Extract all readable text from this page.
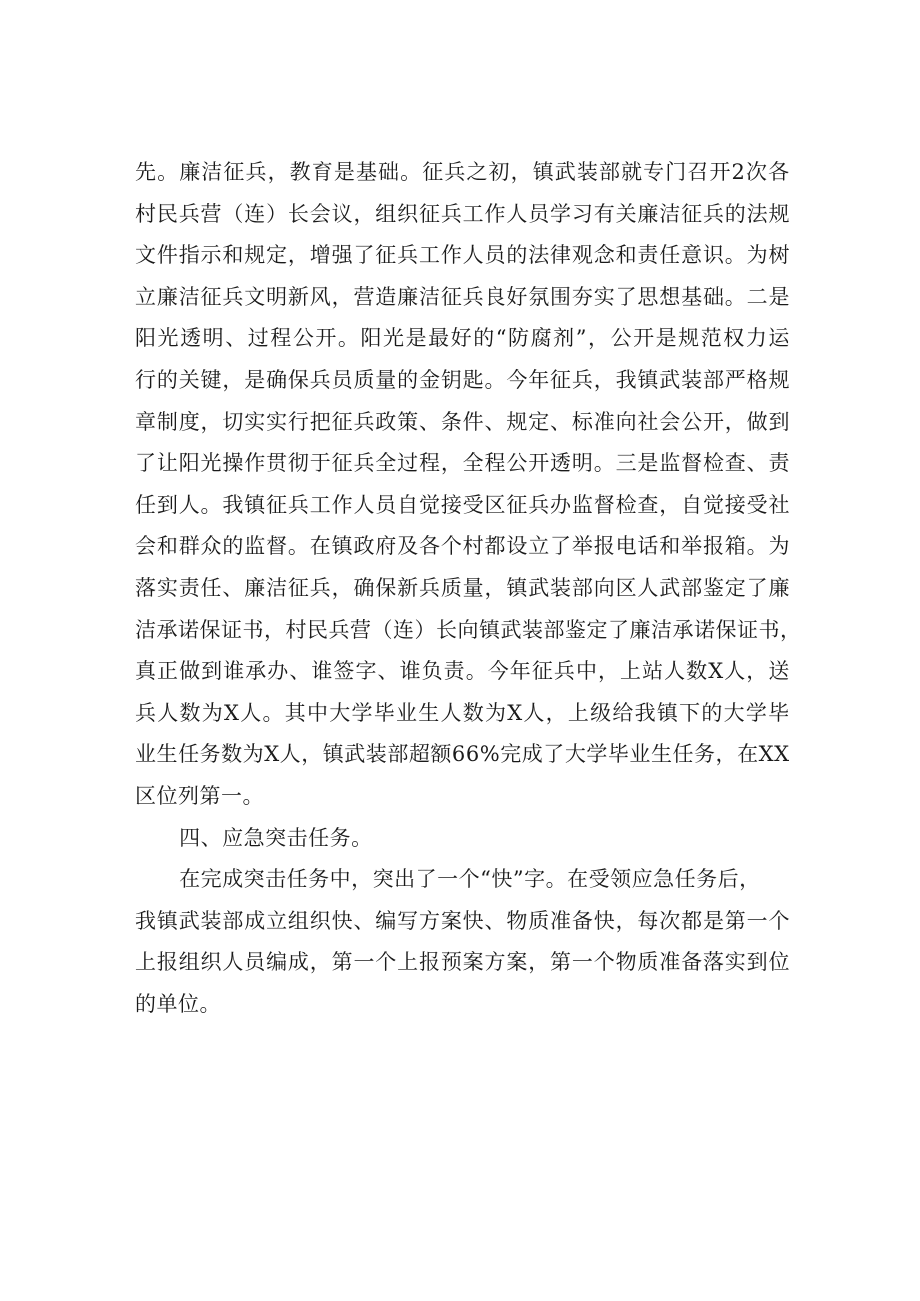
先 。 廉 洁 征 兵 ， 教 育 是 基 础 。 征 兵 之 初 ， 镇 武 装 部 就 专 门 召 开 2 次 各
村 民 兵 营 （ 连 ） 长 会 议 ， 组 织 征 兵 工 作 人 员 学 习 有 关 廉 洁 征 兵 的 法 规
文 件 指 示 和 规 定 ， 增 强 了 征 兵 工 作 人 员 的 法 律 观 念 和 责 任 意 识 。 为 树
立 廉 洁 征 兵 文 明 新 风 ， 营 造 廉 洁 征 兵 良 好 氛 围 夯 实 了 思 想 基 础 。 二 是
阳 光 透 明 、 过 程 公 开 。 阳 光 是 最 好 的 “ 防 腐 剂 ” ， 公 开 是 规 范 权 力 运
行 的 关 键 ， 是 确 保 兵 员 质 量 的 金 钥 匙 。 今 年 征 兵 ， 我 镇 武 装 部 严 格 规
章 制 度 ， 切 实 实 行 把 征 兵 政 策 、 条 件 、 规 定 、 标 准 向 社 会 公 开 ， 做 到
了 让 阳 光 操 作 贯 彻 于 征 兵 全 过 程 ， 全 程 公 开 透 明 。 三 是 监 督 检 查 、 责
任 到 人 。 我 镇 征 兵 工 作 人 员 自 觉 接 受 区 征 兵 办 监 督 检 查 ， 自 觉 接 受 社
会 和 群 众 的 监 督 。 在 镇 政 府 及 各 个 村 都 设 立 了 举 报 电 话 和 举 报 箱 。 为
落 实 责 任 、 廉 洁 征 兵 ， 确 保 新 兵 质 量 ， 镇 武 装 部 向 区 人 武 部 鉴 定 了 廉
洁 承 诺 保 证 书 ， 村 民 兵 营 （ 连 ） 长 向 镇 武 装 部 鉴 定 了 廉 洁 承 诺 保 证 书 ，
真 正 做 到 谁 承 办 、 谁 签 字 、 谁 负 责 。 今 年 征 兵 中 ， 上 站 人 数 X 人 ， 送
兵 人 数 为 X 人 。 其 中 大 学 毕 业 生 人 数 为 X 人 ， 上 级 给 我 镇 下 的 大 学 毕
业 生 任 务 数 为 X 人 ， 镇 武 装 部 超 额 6 6 % 完 成 了 大 学 毕 业 生 任 务 ， 在 X X
区位列第一。
四、应急突击任务。
在完成突击任务中，突出了一个“快”字。在受领应急任务后，
我 镇 武 装 部 成 立 组 织 快 、 编 写 方 案 快 、 物 质 准 备 快 ， 每 次 都 是 第 一 个
上 报 组 织 人 员 编 成 ， 第 一 个 上 报 预 案 方 案 ， 第 一 个 物 质 准 备 落 实 到 位
的单位。
